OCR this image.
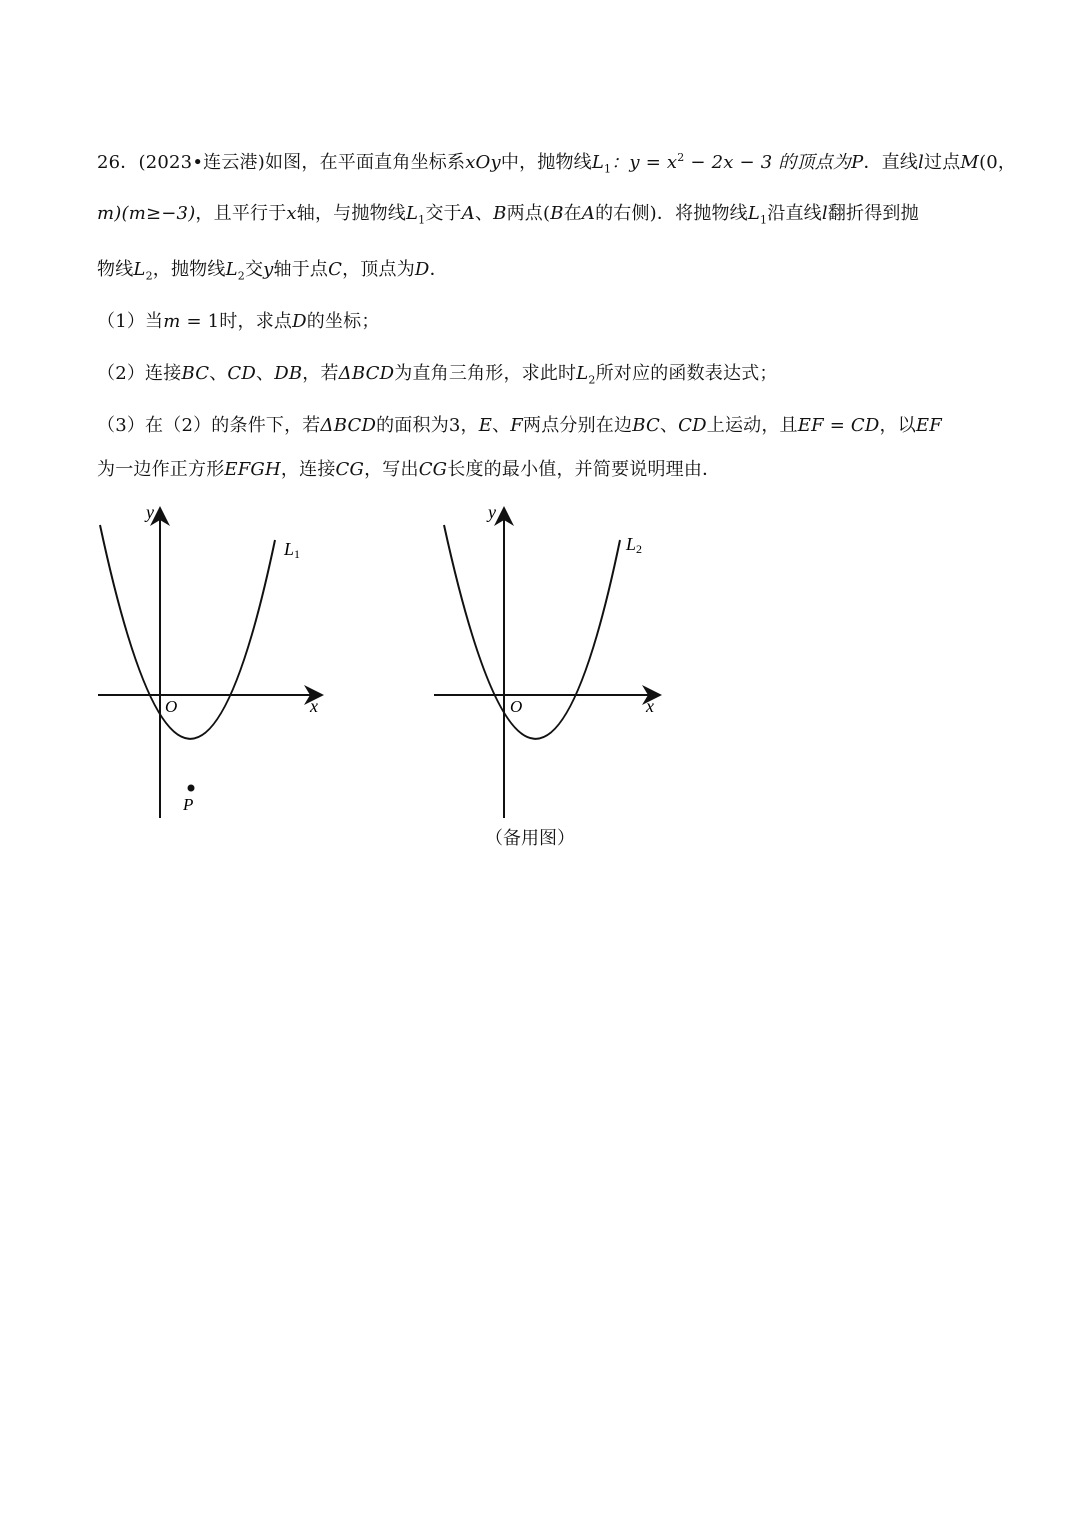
26．(2023•连云港)如图，在平面直角坐标系xOy中，抛物线$L_1$：$y = x^2 - 2x - 3$ 的顶点为P．直线l过点M(0，
m)(m≥−3)，且平行于x轴，与抛物线$L_1$交于A、B两点(B在A的右侧)．将抛物线$L_1$沿直线l翻折得到抛
物线$L_2$，抛物线$L_2$交y轴于点C，顶点为D．
（1）当m = 1时，求点D的坐标；
（2）连接BC、CD、DB，若ΔBCD为直角三角形，求此时$L_2$所对应的函数表达式；
（3）在（2）的条件下，若ΔBCD的面积为3，E、F两点分别在边BC、CD上运动，且EF = CD，以EF
为一边作正方形EFGH，连接CG，写出CG长度的最小值，并简要说明理由．
y
x
O
L1
P
y
x
O
L2
（备用图）
